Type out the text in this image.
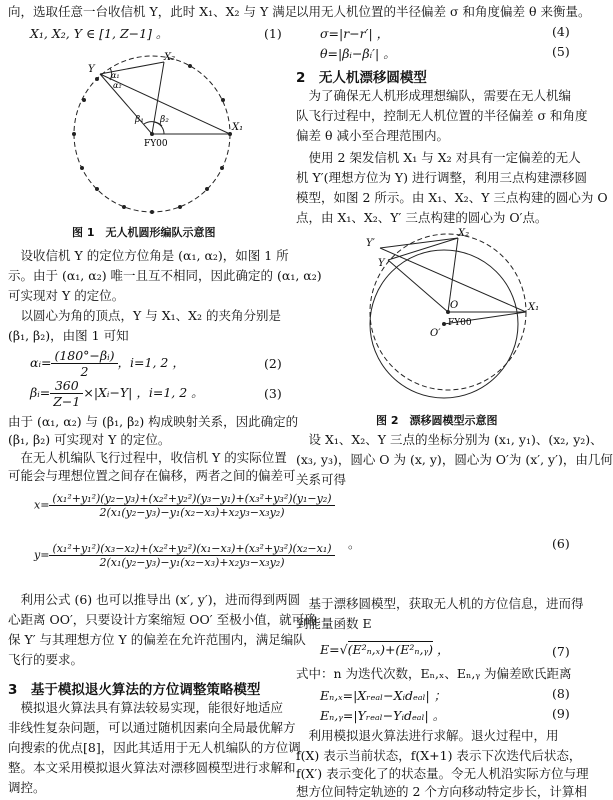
向，选取任意一台收信机 Y，此时 X₁、X₂ 与 Y 满足
X₁, X₂, Y ∈ [1, Z−1] 。	(1)
Y
X₁
X₂
α₁
α₂
β₁ β₂
FY00
图 1　无人机圆形编队示意图
　设收信机 Y 的定位方位角是 (α₁, α₂)，如图 1 所
示。由于 (α₁, α₂) 唯一且互不相同，因此确定的 (α₁, α₂)
可实现对 Y 的定位。
　以圆心为角的顶点，Y 与 X₁、X₂ 的夹角分别是
(β₁, β₂)，由图 1 可知
αᵢ= $\frac{\text{(180°−βᵢ)}}{2}$ ，i=1, 2 ，	(2)
βᵢ= $\frac{360}{Z-1}$ ×|Xᵢ−Y| ，i=1, 2 。	(3)
由于 (α₁, α₂) 与 (β₁, β₂) 构成映射关系，因此确定的
(β₁, β₂) 可实现对 Y 的定位。
　在无人机编队飞行过程中，收信机 Y 的实际位置
可能会与理想位置之间存在偏移，两者之间的偏差可
　利用公式 (6) 也可以推导出 (x′, y′)，进而得到两圆
心距离 OO′，只要设计方案缩短 OO′ 至极小值，就可确
保 Y′ 与其理想方位 Y 的偏差在允许范围内，满足编队
飞行的要求。
3　基于模拟退火算法的方位调整策略模型
　模拟退火算法具有算法较易实现，能很好地适应
非线性复杂问题，可以通过随机因素向全局最优解方
向搜索的优点[8]，因此其适用于无人机编队的方位调
整。本文采用模拟退火算法对漂移圆模型进行求解和
调控。
$x= \frac{\text{(x₁²+y₁²)(y₂−y₃)+(x₂²+y₂²)(y₃−y₁)+(x₃²+y₃²)(y₁−y₂)}}{\text{2(x₁(y₂−y₃)−y₁(x₂−x₃)+x₂y₃−x₃y₂)}}$
$y= \frac{\text{(x₁²+y₁²)(x₃−x₂)+(x₂²+y₂²)(x₁−x₃)+(x₃²+y₃²)(x₂−x₁)}}{\text{2(x₁(y₂−y₃)−y₁(x₂−x₃)+x₂y₃−x₃y₂)}}$
以用无人机位置的半径偏差 σ 和角度偏差 θ 来衡量。
σ=|r−r′| ，	(4)
θ=|βᵢ−βᵢ′| 。	(5)
2　无人机漂移圆模型
　为了确保无人机形成理想编队，需要在无人机编
队飞行过程中，控制无人机位置的半径偏差 σ 和角度
偏差 θ 减小至合理范围内。
　使用 2 架发信机 X₁ 与 X₂ 对具有一定偏差的无人
机 Y′(理想方位为 Y) 进行调整，利用三点构建漂移圆
模型，如图 2 所示。由 X₁、X₂、Y 三点构建的圆心为 O
点，由 X₁、X₂、Y′ 三点构建的圆心为 O′点。
Y′
Y
X₁
X₂
O
O′
FY00
图 2　漂移圆模型示意图
　设 X₁、X₂、Y 三点的坐标分别为 (x₁, y₁)、(x₂, y₂)、
(x₃, y₃)，圆心 O 为 (x, y)，圆心为 O′为 (x′, y′)，由几何
关系可得
。	(6)
　基于漂移圆模型，获取无人机的方位信息，进而得
到能量函数 E
E=√(E²ₙ,ₓ)+(E²ₙ,ᵧ) ，	(7)
式中：n 为迭代次数，Eₙ,ₓ、Eₙ,ᵧ 为偏差欧氏距离
Eₙ,ₓ=|Xᵣₑₐₗ−Xᵢdₑₐₗ| ；	(8)
Eₙ,ᵧ=|Yᵣₑₐₗ−Yᵢdₑₐₗ| 。	(9)
　利用模拟退火算法进行求解。退火过程中，用
f(X) 表示当前状态，f(X+1) 表示下次迭代后状态，
f(X′) 表示变化了的状态量。令无人机沿实际方位与理
想方位间特定轨迹的 2 个方向移动特定步长，计算相
